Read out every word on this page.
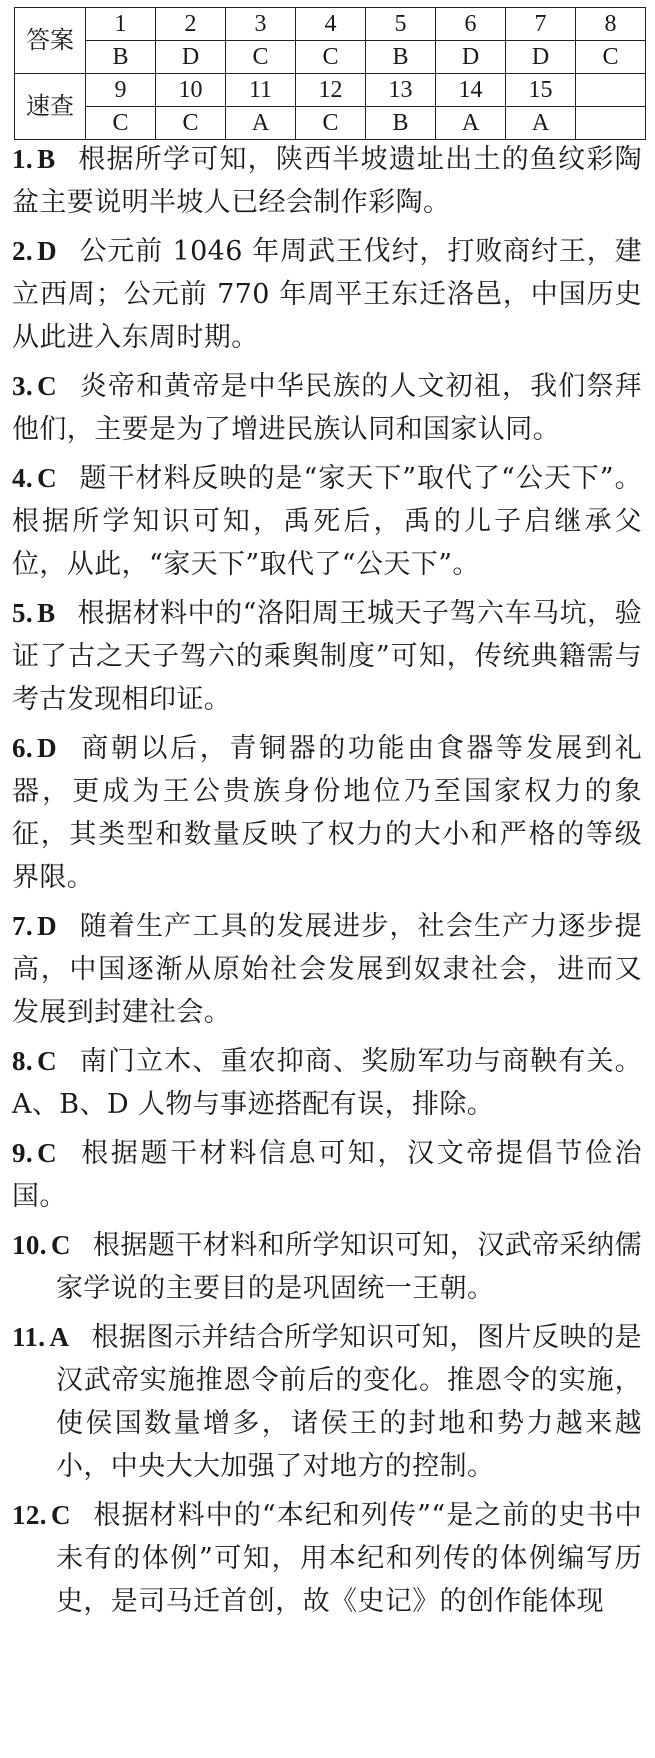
答案	1	2	3	4	5	6	7	8
	B	D	C	C	B	D	D	C
速查	9	10	11	12	13	14	15	
	C	C	A	C	B	A	A	

1. B 根据所学可知，陕西半坡遗址出土的鱼纹彩陶盆主要说明半坡人已经会制作彩陶。

2. D 公元前 1046 年周武王伐纣，打败商纣王，建立西周；公元前 770 年周平王东迁洛邑，中国历史从此进入东周时期。

3. C 炎帝和黄帝是中华民族的人文初祖，我们祭拜他们，主要是为了增进民族认同和国家认同。

4. C 题干材料反映的是“家天下”取代了“公天下”。根据所学知识可知，禹死后，禹的儿子启继承父位，从此，“家天下”取代了“公天下”。

5. B 根据材料中的“洛阳周王城天子驾六车马坑，验证了古之天子驾六的乘舆制度”可知，传统典籍需与考古发现相印证。

6. D 商朝以后，青铜器的功能由食器等发展到礼器，更成为王公贵族身份地位乃至国家权力的象征，其类型和数量反映了权力的大小和严格的等级界限。

7. D 随着生产工具的发展进步，社会生产力逐步提高，中国逐渐从原始社会发展到奴隶社会，进而又发展到封建社会。

8. C 南门立木、重农抑商、奖励军功与商鞅有关。A、B、D 人物与事迹搭配有误，排除。

9. C 根据题干材料信息可知，汉文帝提倡节俭治国。

10. C 根据题干材料和所学知识可知，汉武帝采纳儒家学说的主要目的是巩固统一王朝。

11. A 根据图示并结合所学知识可知，图片反映的是汉武帝实施推恩令前后的变化。推恩令的实施，使侯国数量增多，诸侯王的封地和势力越来越小，中央大大加强了对地方的控制。

12. C 根据材料中的“本纪和列传”“是之前的史书中未有的体例”可知，用本纪和列传的体例编写历史，是司马迁首创，故《史记》的创作能体现
